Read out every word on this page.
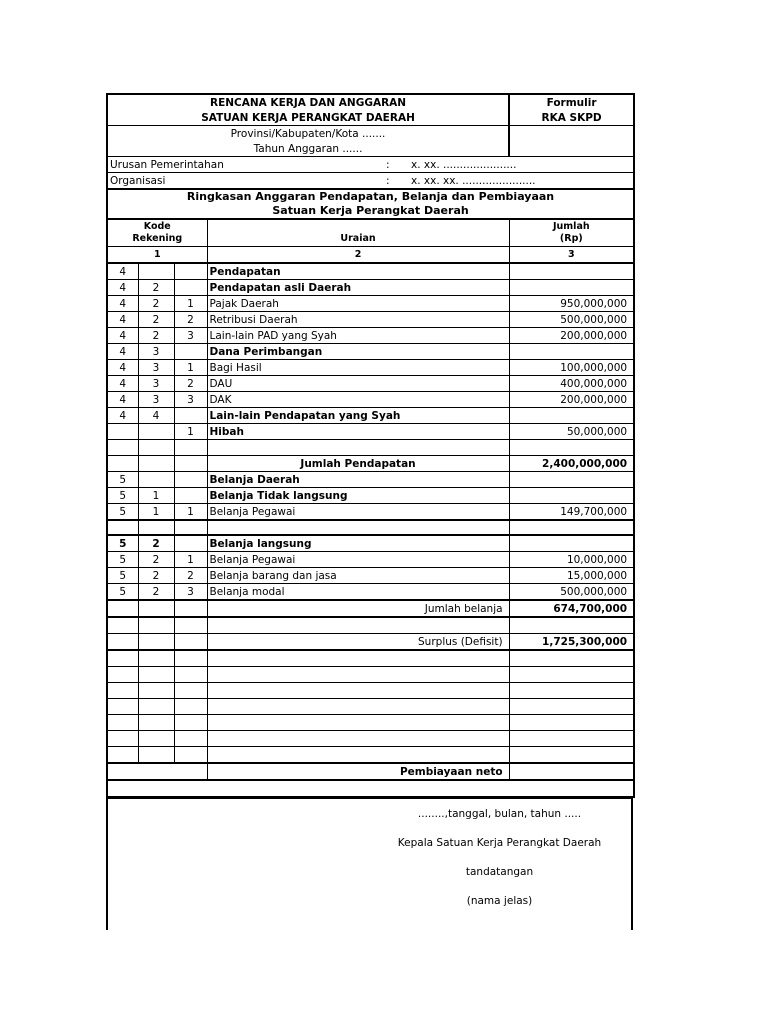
RENCANA KERJA DAN ANGGARAN					Formulir
SATUAN KERJA PERANGKAT DAERAH					RKA SKPD
Provinsi/Kabupaten/Kota .......					
Tahun Anggaran ......					
Urusan Pemerintahan : x. xx. ......................					

Organisasi : x. xx. xx. ......................					

Ringkasan Anggaran Pendapatan, Belanja dan Pembiayaan					
Satuan Kerja Perangkat Daerah					
Kode
Rekening			Uraian		Jumlah
(Rp)
1			2		3
4			Pendapatan		
4	2		Pendapatan asli Daerah		
4	2	1	Pajak Daerah		950,000,000
4	2	2	Retribusi Daerah		500,000,000
4	2	3	Lain-lain PAD yang Syah		200,000,000
4	3		Dana Perimbangan		
4	3	1	Bagi Hasil		100,000,000
4	3	2	DAU		400,000,000
4	3	3	DAK		200,000,000
4	4		Lain-lain Pendapatan yang Syah		
		1	Hibah		50,000,000

			Jumlah Pendapatan		2,400,000,000
5			Belanja Daerah		
5	1		Belanja Tidak langsung		
5	1	1	Belanja Pegawai		149,700,000

5	2		Belanja langsung		
5	2	1	Belanja Pegawai		10,000,000
5	2	2	Belanja barang dan jasa		15,000,000
5	2	3	Belanja modal		500,000,000
			Jumlah belanja		674,700,000

			Surplus (Defisit)		1,725,300,000

			Pembiayaan neto		

........,tanggal, bulan, tahun .....
Kepala Satuan Kerja Perangkat Daerah
tandatangan
(nama jelas)
